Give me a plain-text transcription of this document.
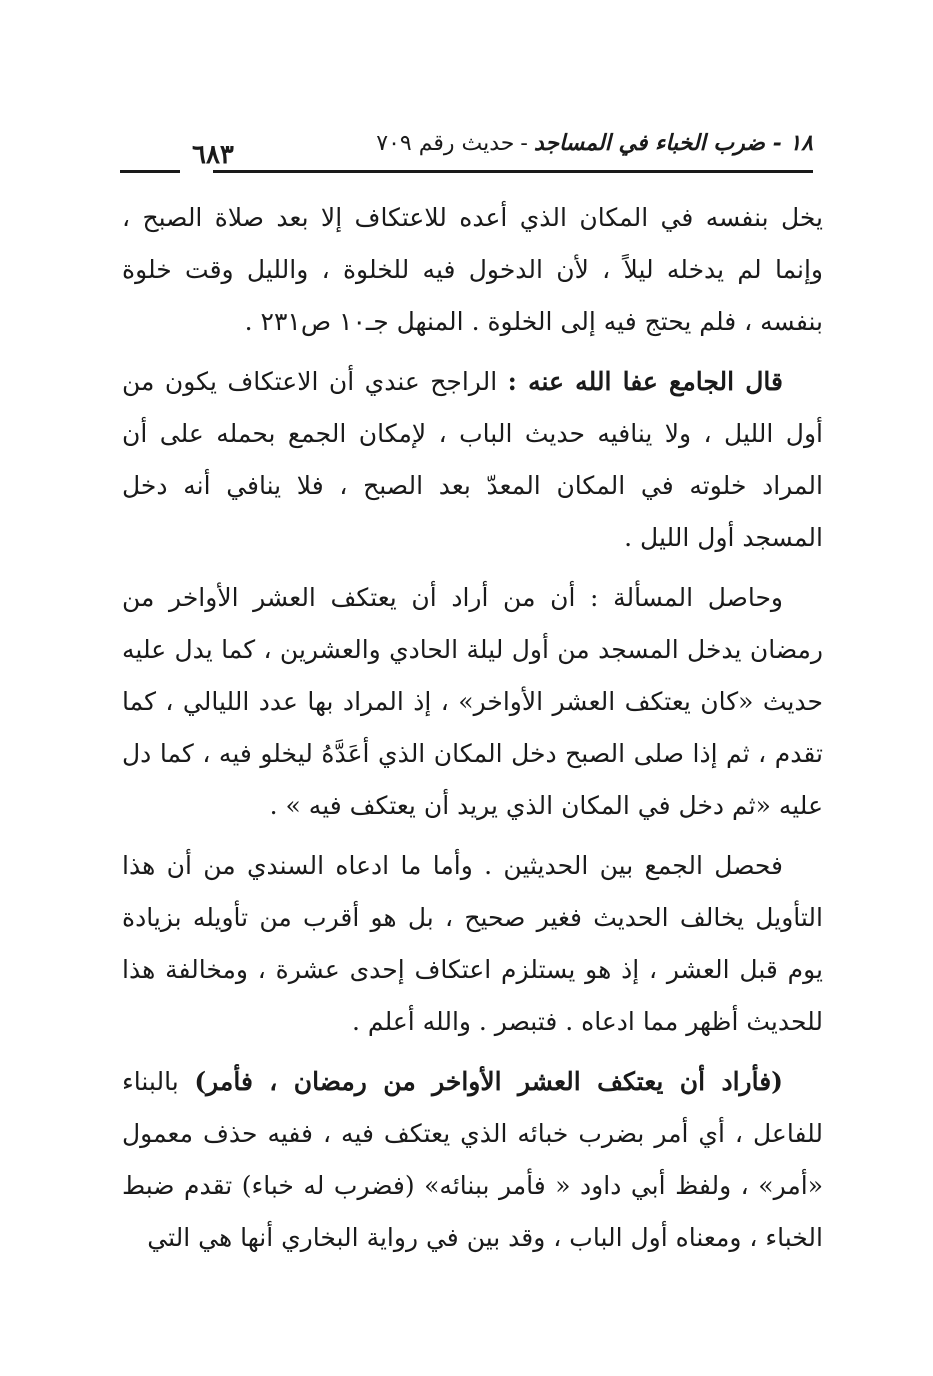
١٨ - ضرب الخباء في المساجد-حديث رقم ٧٠٩
٦٨٣

يخل بنفسه في المكان الذي أعده للاعتكاف إلا بعد صلاة الصبح ، وإنما لم يدخله ليلاً ، لأن الدخول فيه للخلوة ، والليل وقت خلوة بنفسه ، فلم يحتج فيه إلى الخلوة . المنهل جـ١٠ ص٢٣١ .

قال الجامع عفا الله عنه : الراجح عندي أن الاعتكاف يكون من أول الليل ، ولا ينافيه حديث الباب ، لإمكان الجمع بحمله على أن المراد خلوته في المكان المعدّ بعد الصبح ، فلا ينافي أنه دخل المسجد أول الليل .

وحاصل المسألة : أن من أراد أن يعتكف العشر الأواخر من رمضان يدخل المسجد من أول ليلة الحادي والعشرين ، كما يدل عليه حديث «كان يعتكف العشر الأواخر» ، إذ المراد بها عدد الليالي ، كما تقدم ، ثم إذا صلى الصبح دخل المكان الذي أعَدَّهُ ليخلو فيه ، كما دل عليه «ثم دخل في المكان الذي يريد أن يعتكف فيه » .

فحصل الجمع بين الحديثين . وأما ما ادعاه السندي من أن هذا التأويل يخالف الحديث فغير صحيح ، بل هو أقرب من تأويله بزيادة يوم قبل العشر ، إذ هو يستلزم اعتكاف إحدى عشرة ، ومخالفة هذا للحديث أظهر مما ادعاه . فتبصر . والله أعلم .

(فأراد أن يعتكف العشر الأواخر من رمضان ، فأمر) بالبناء للفاعل ، أي أمر بضرب خبائه الذي يعتكف فيه ، ففيه حذف معمول «أمر» ، ولفظ أبي داود « فأمر ببنائه» (فضرب له خباء) تقدم ضبط الخباء ، ومعناه أول الباب ، وقد بين في رواية البخاري أنها هي التي
